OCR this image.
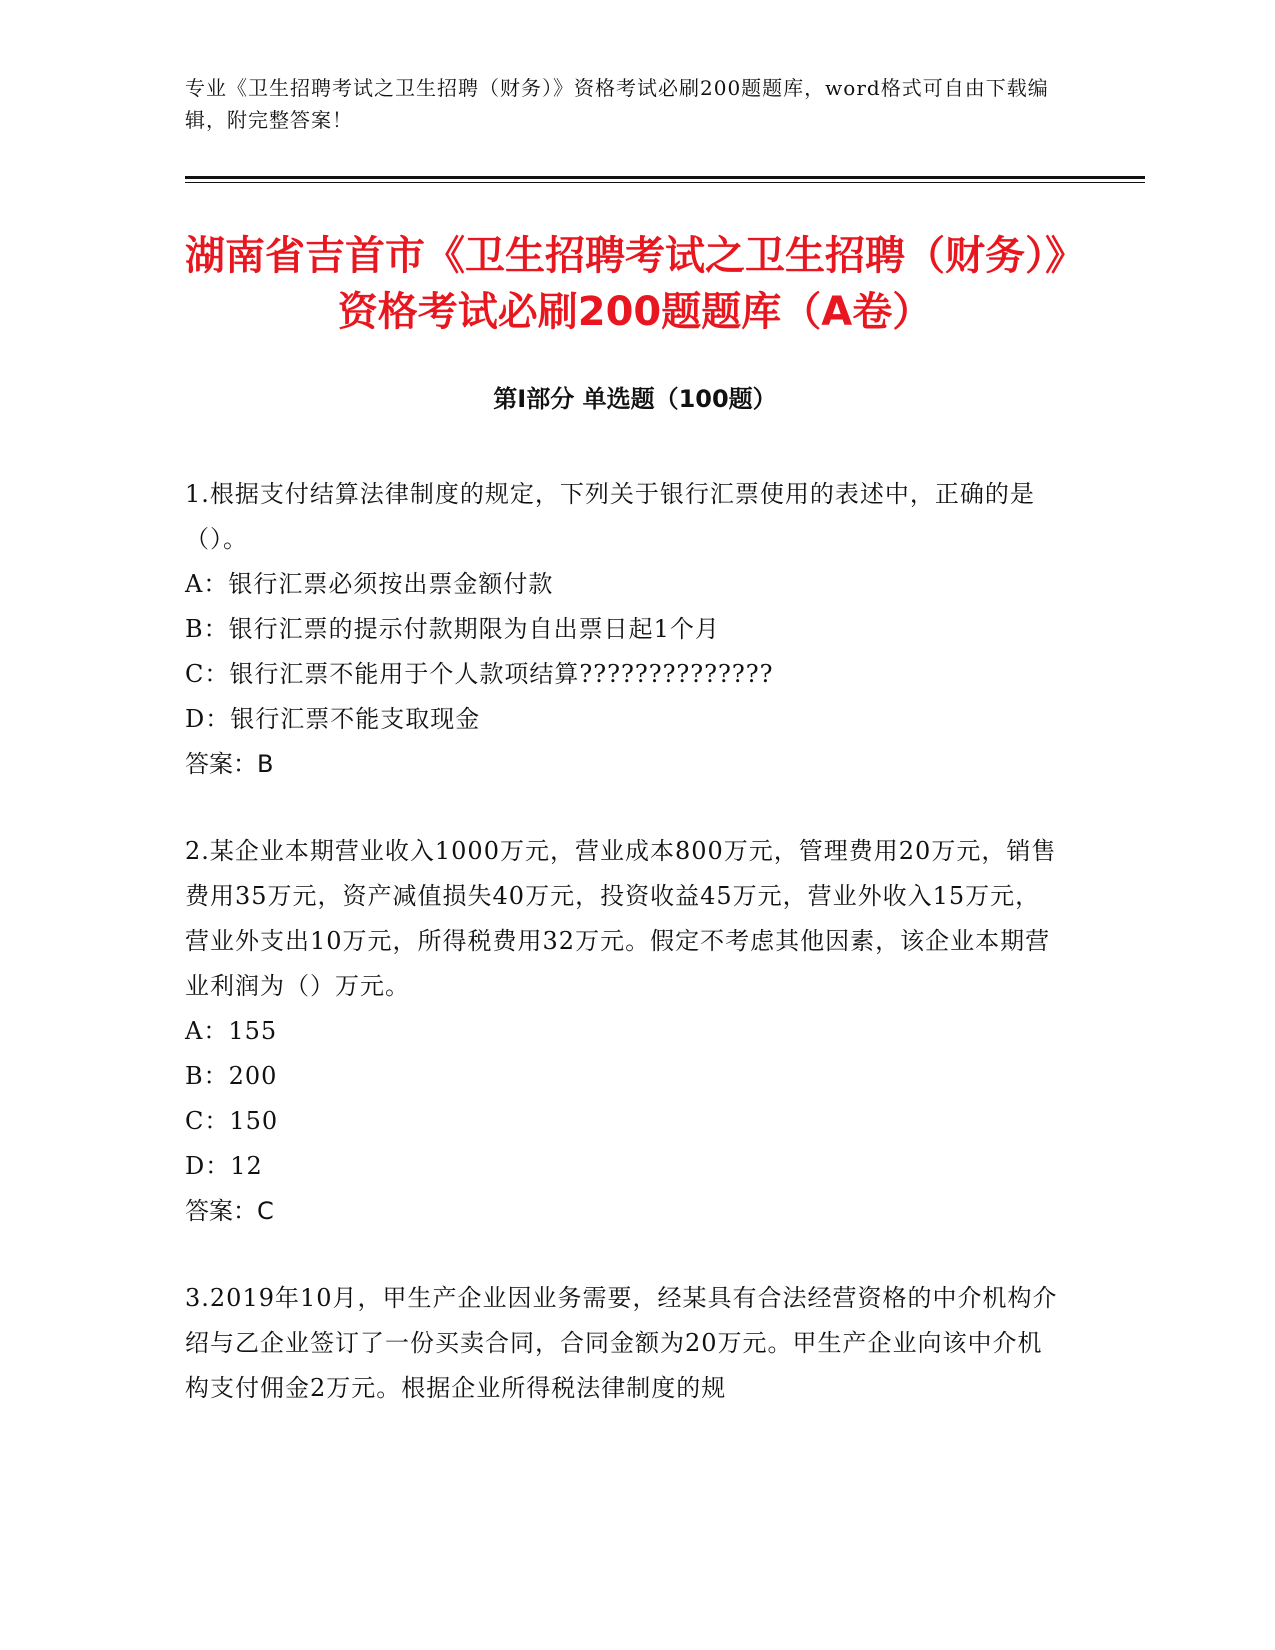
专业《卫生招聘考试之卫生招聘（财务）》资格考试必刷200题题库，word格式可自由下载编辑，附完整答案！
湖南省吉首市《卫生招聘考试之卫生招聘（财务）》资格考试必刷200题题库（A卷）
第I部分 单选题（100题）
1.根据支付结算法律制度的规定，下列关于银行汇票使用的表述中，正确的是（）。
A：银行汇票必须按出票金额付款
B：银行汇票的提示付款期限为自出票日起1个月
C：银行汇票不能用于个人款项结算??????????????
D：银行汇票不能支取现金
答案：B
2.某企业本期营业收入1000万元，营业成本800万元，管理费用20万元，销售费用35万元，资产减值损失40万元，投资收益45万元，营业外收入15万元，营业外支出10万元，所得税费用32万元。假定不考虑其他因素，该企业本期营业利润为（）万元。
A：155
B：200
C：150
D：12
答案：C
3.2019年10月，甲生产企业因业务需要，经某具有合法经营资格的中介机构介绍与乙企业签订了一份买卖合同，合同金额为20万元。甲生产企业向该中介机构支付佣金2万元。根据企业所得税法律制度的规
